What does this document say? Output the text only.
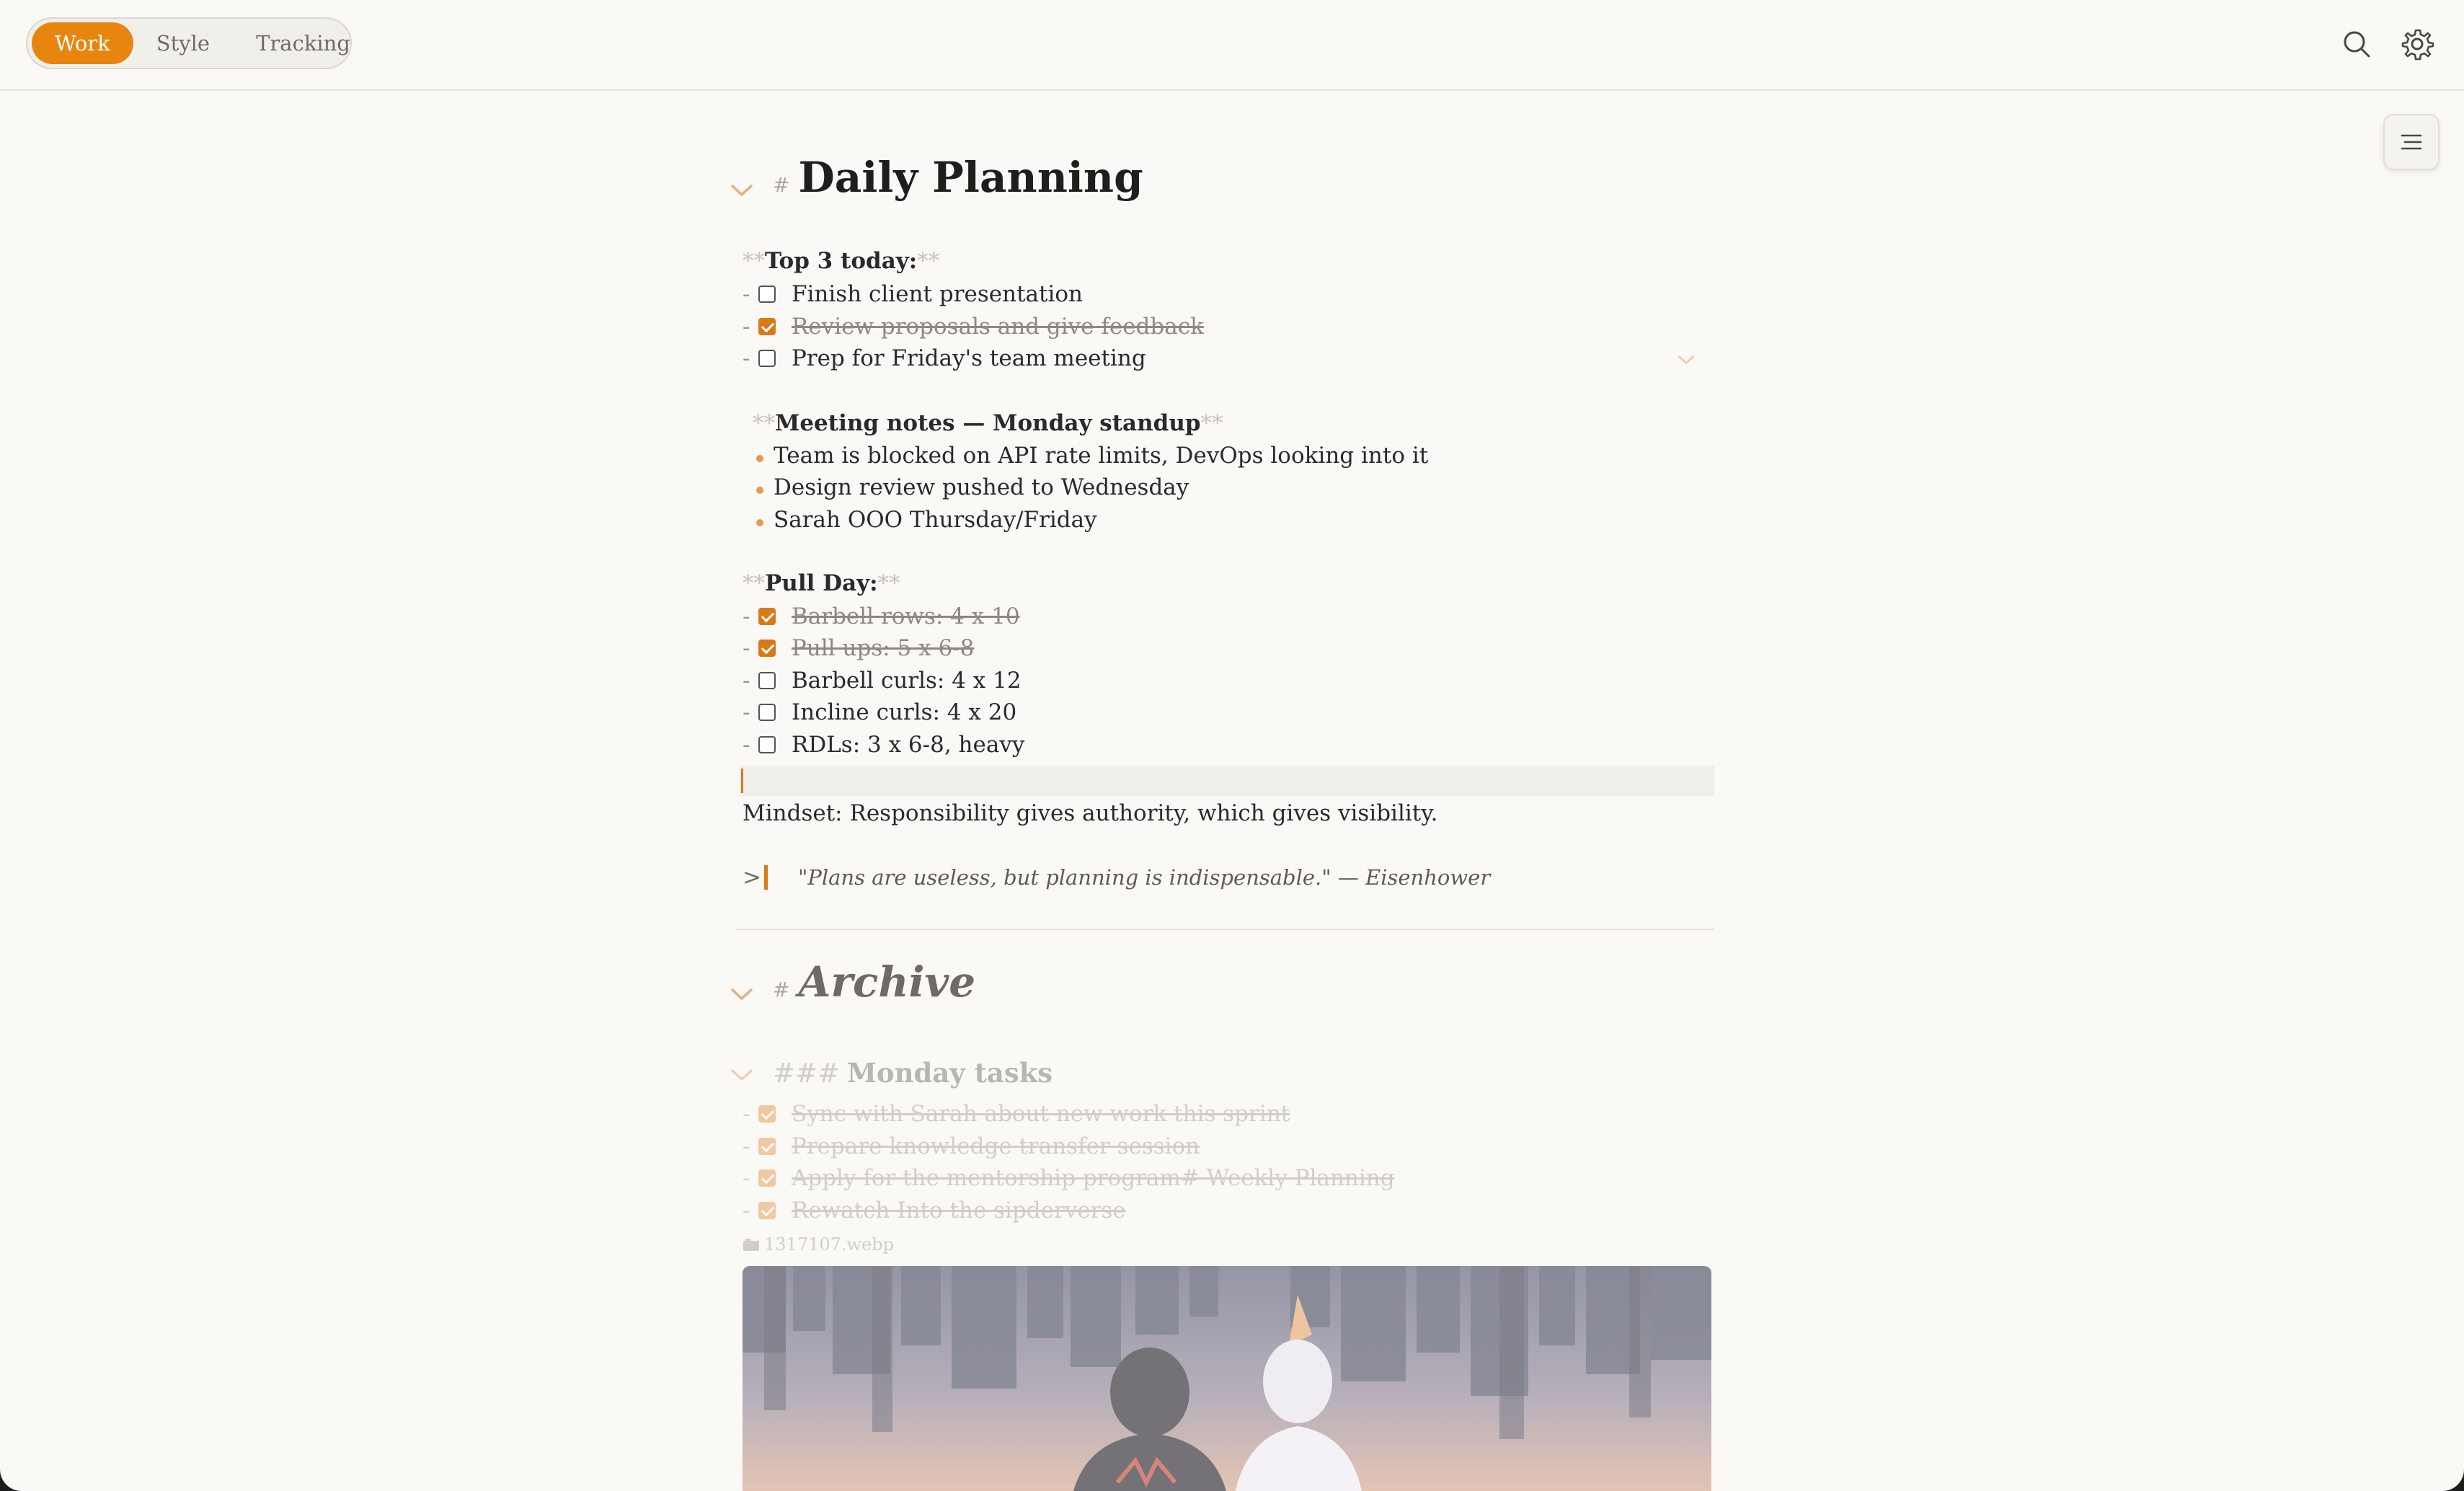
Work	Style	Tracking
# Daily Planning
**Top 3 today:**
- Finish client presentation
- Review proposals and give feedback
- Prep for Friday's team meeting
**Meeting notes — Monday standup**
Team is blocked on API rate limits, DevOps looking into it
Design review pushed to Wednesday
Sarah OOO Thursday/Friday
**Pull Day:**
- Barbell rows: 4 x 10
- Pull ups: 5 x 6-8
- Barbell curls: 4 x 12
- Incline curls: 4 x 20
- RDLs: 3 x 6-8, heavy
Mindset: Responsibility gives authority, which gives visibility.
> "Plans are useless, but planning is indispensable." — Eisenhower
# Archive
### Monday tasks
- Sync with Sarah about new work this sprint
- Prepare knowledge transfer session
- Apply for the mentorship program# Weekly Planning
- Rewatch Into the sipderverse
1317107.webp
